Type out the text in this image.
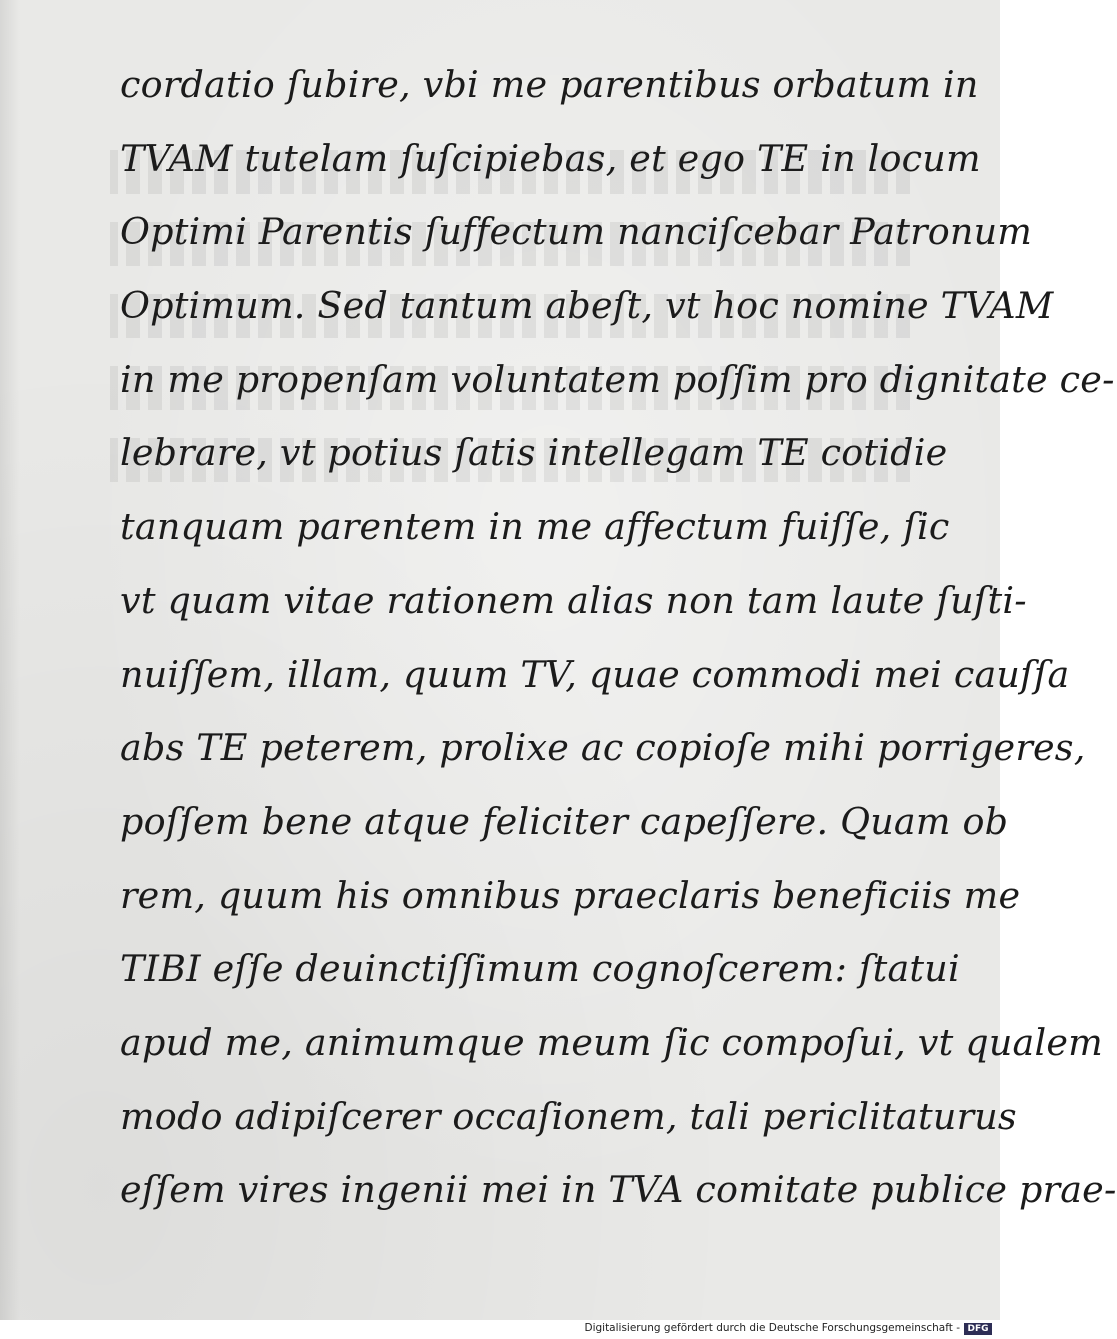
cordatio ſubire, vbi me parentibus orbatum in
TVAM tutelam ſuſcipiebas, et ego TE in locum
Optimi Parentis ſuffectum nanciſcebar Patronum
Optimum. Sed tantum abeſt, vt hoc nomine TVAM
in me propenſam voluntatem poſſim pro dignitate ce-
lebrare, vt potius ſatis intellegam TE cotidie
tanquam parentem in me affectum fuiſſe, ſic
vt quam vitae rationem alias non tam laute ſuſti-
nuiſſem, illam, quum TV, quae commodi mei cauſſa
abs TE peterem, prolixe ac copioſe mihi porrigeres,
poſſem bene atque feliciter capeſſere. Quam ob
rem, quum his omnibus praeclaris beneficiis me
TIBI eſſe deuinctiſſimum cognoſcerem: ſtatui
apud me, animumque meum ſic compoſui, vt qualem
modo adipiſcerer occaſionem, tali periclitaturus
eſſem vires ingenii mei in TVA comitate publice prae-
Digitalisierung gefördert durch die Deutsche Forschungsgemeinschaft - DFG
